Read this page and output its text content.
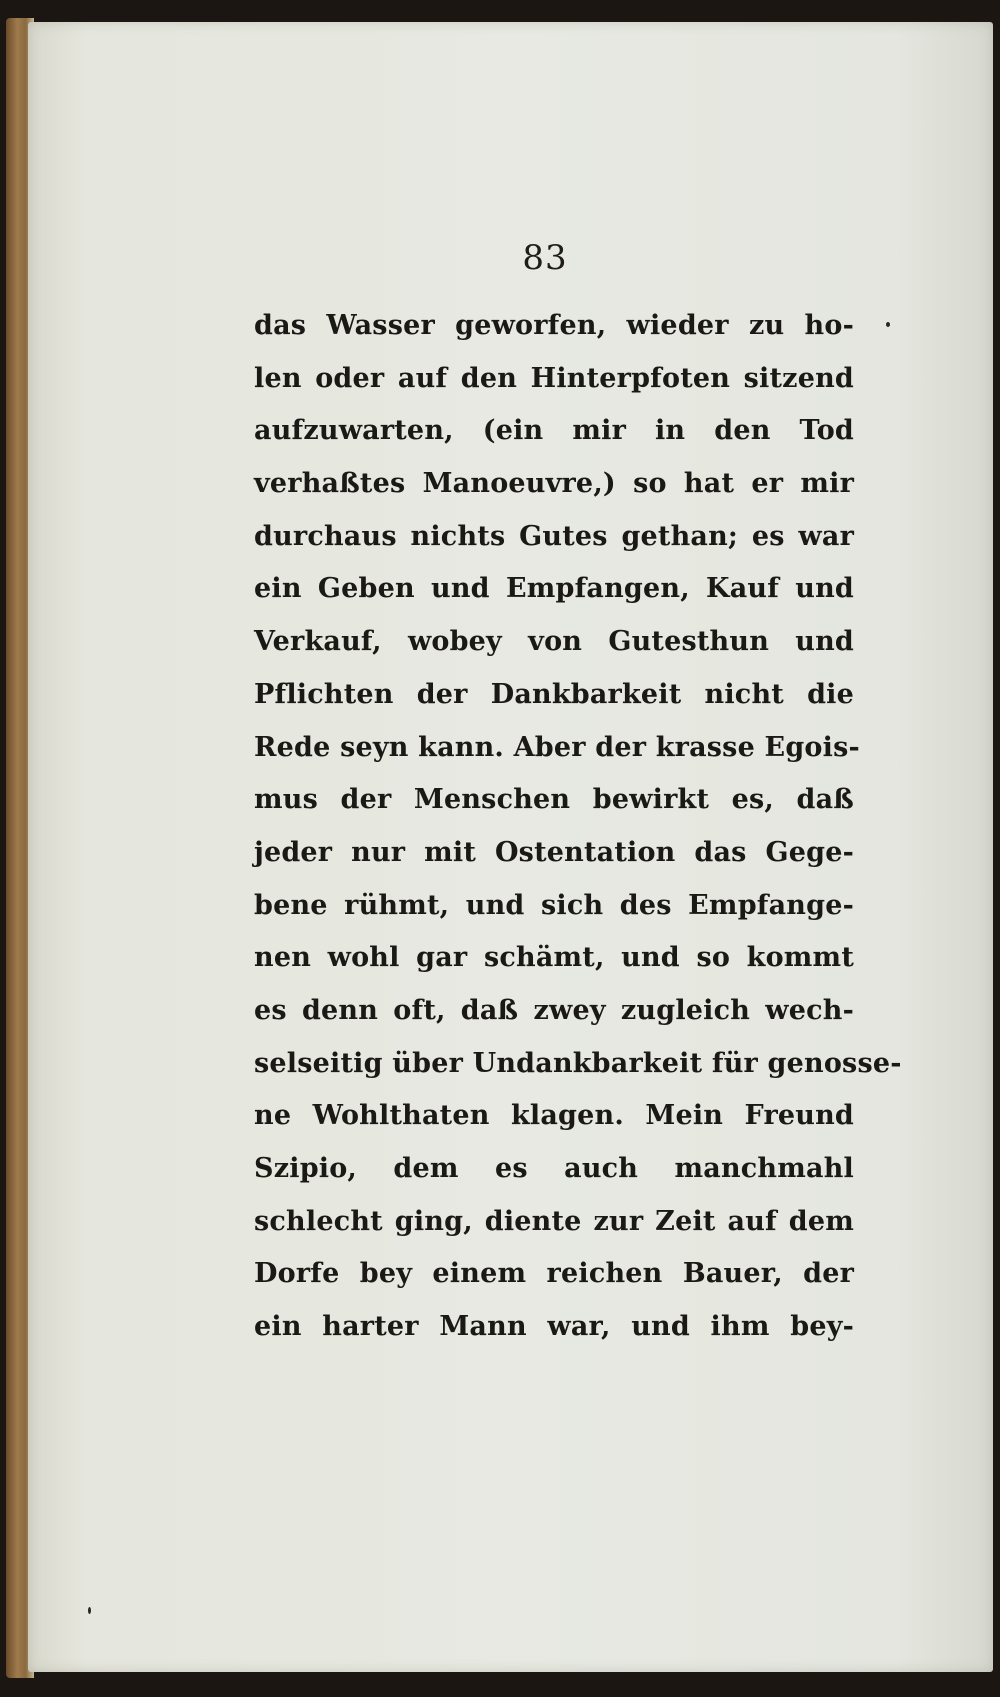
83
das Wasser geworfen, wieder zu ho-
len oder auf den Hinterpfoten sitzend
aufzuwarten, (ein mir in den Tod
verhaßtes Manoeuvre,) so hat er mir
durchaus nichts Gutes gethan; es war
ein Geben und Empfangen, Kauf und
Verkauf, wobey von Gutesthun und
Pflichten der Dankbarkeit nicht die
Rede seyn kann. Aber der krasse Egois-
mus der Menschen bewirkt es, daß
jeder nur mit Ostentation das Gege-
bene rühmt, und sich des Empfange-
nen wohl gar schämt, und so kommt
es denn oft, daß zwey zugleich wech-
selseitig über Undankbarkeit für genosse-
ne Wohlthaten klagen. Mein Freund
Szipio, dem es auch manchmahl
schlecht ging, diente zur Zeit auf dem
Dorfe bey einem reichen Bauer, der
ein harter Mann war, und ihm bey-
